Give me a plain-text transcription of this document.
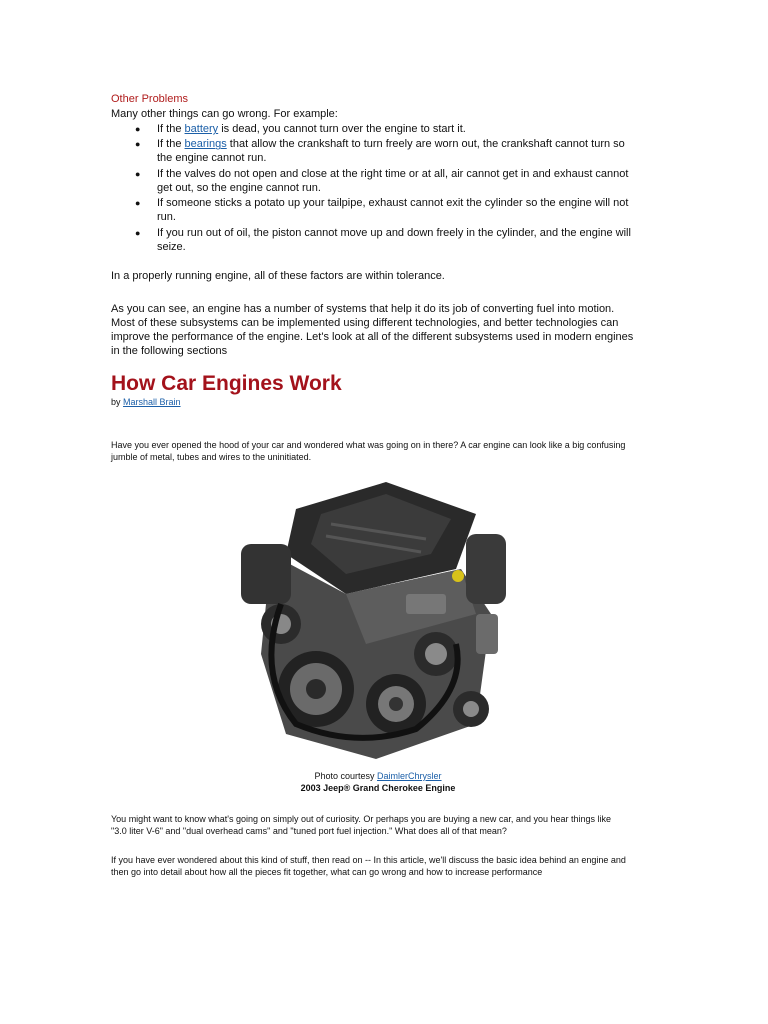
Other Problems
Many other things can go wrong. For example:
● If the battery is dead, you cannot turn over the engine to start it.
● If the bearings that allow the crankshaft to turn freely are worn out, the crankshaft cannot turn so
the engine cannot run.
● If the valves do not open and close at the right time or at all, air cannot get in and exhaust cannot
get out, so the engine cannot run.
● If someone sticks a potato up your tailpipe, exhaust cannot exit the cylinder so the engine will not
run.
● If you run out of oil, the piston cannot move up and down freely in the cylinder, and the engine will
seize.
In a properly running engine, all of these factors are within tolerance.
As you can see, an engine has a number of systems that help it do its job of converting fuel into motion.
Most of these subsystems can be implemented using different technologies, and better technologies can
improve the performance of the engine. Let's look at all of the different subsystems used in modern engines
in the following sections
How Car Engines Work
by Marshall Brain
Have you ever opened the hood of your car and wondered what was going on in there? A car engine can look like a big confusing
jumble of metal, tubes and wires to the uninitiated.
Photo courtesy DaimlerChrysler
2003 Jeep® Grand Cherokee Engine
You might want to know what's going on simply out of curiosity. Or perhaps you are buying a new car, and you hear things like
"3.0 liter V-6" and "dual overhead cams" and "tuned port fuel injection." What does all of that mean?
If you have ever wondered about this kind of stuff, then read on -- In this article, we'll discuss the basic idea behind an engine and
then go into detail about how all the pieces fit together, what can go wrong and how to increase performance
